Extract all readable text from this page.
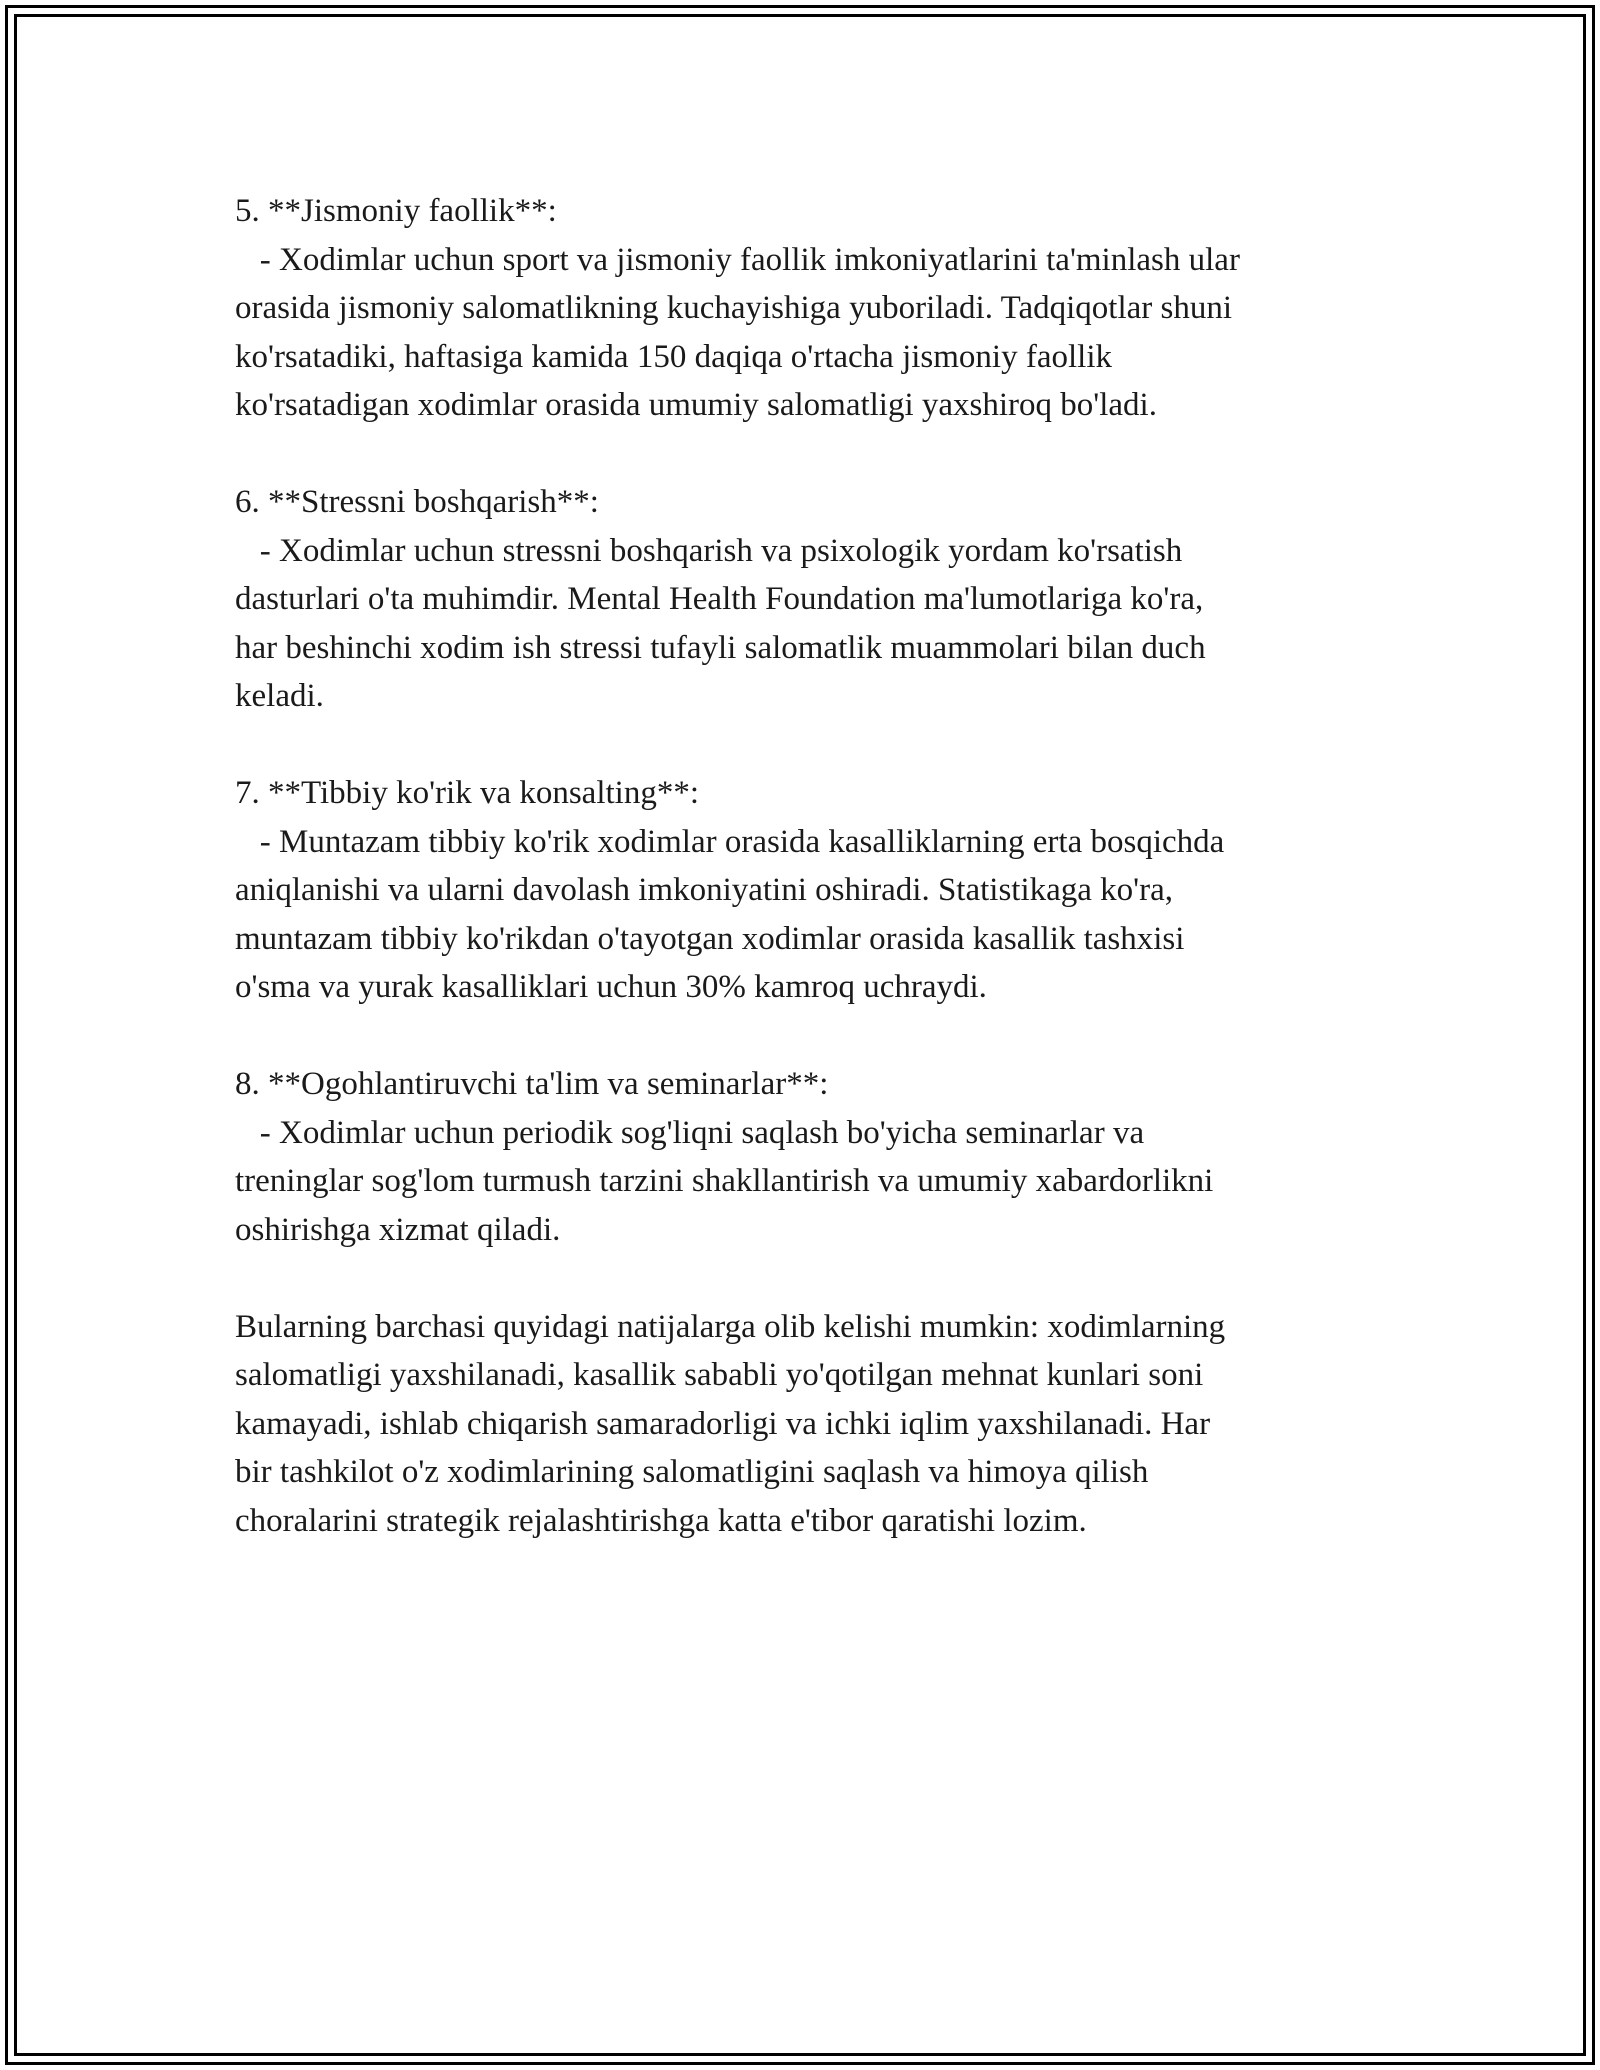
5. **Jismoniy faollik**:
- Xodimlar uchun sport va jismoniy faollik imkoniyatlarini ta'minlash ular
orasida jismoniy salomatlikning kuchayishiga yuboriladi. Tadqiqotlar shuni
ko'rsatadiki, haftasiga kamida 150 daqiqa o'rtacha jismoniy faollik
ko'rsatadigan xodimlar orasida umumiy salomatligi yaxshiroq bo'ladi.
6. **Stressni boshqarish**:
- Xodimlar uchun stressni boshqarish va psixologik yordam ko'rsatish
dasturlari o'ta muhimdir. Mental Health Foundation ma'lumotlariga ko'ra,
har beshinchi xodim ish stressi tufayli salomatlik muammolari bilan duch
keladi.
7. **Tibbiy ko'rik va konsalting**:
- Muntazam tibbiy ko'rik xodimlar orasida kasalliklarning erta bosqichda
aniqlanishi va ularni davolash imkoniyatini oshiradi. Statistikaga ko'ra,
muntazam tibbiy ko'rikdan o'tayotgan xodimlar orasida kasallik tashxisi
o'sma va yurak kasalliklari uchun 30% kamroq uchraydi.
8. **Ogohlantiruvchi ta'lim va seminarlar**:
- Xodimlar uchun periodik sog'liqni saqlash bo'yicha seminarlar va
treninglar sog'lom turmush tarzini shakllantirish va umumiy xabardorlikni
oshirishga xizmat qiladi.
Bularning barchasi quyidagi natijalarga olib kelishi mumkin: xodimlarning
salomatligi yaxshilanadi, kasallik sababli yo'qotilgan mehnat kunlari soni
kamayadi, ishlab chiqarish samaradorligi va ichki iqlim yaxshilanadi. Har
bir tashkilot o'z xodimlarining salomatligini saqlash va himoya qilish
choralarini strategik rejalashtirishga katta e'tibor qaratishi lozim.
